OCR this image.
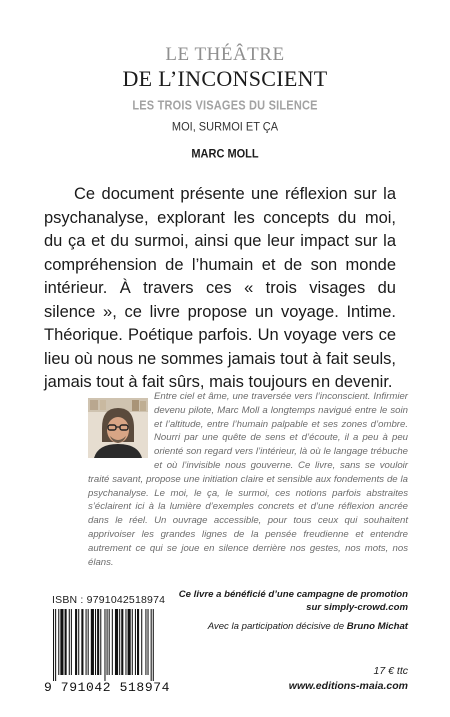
LE THÉÂTRE
DE L’INCONSCIENT
LES TROIS VISAGES DU SILENCE
MOI, SURMOI ET ÇA
MARC MOLL

Ce document présente une réflexion sur la psychanalyse, explorant les concepts du moi, du ça et du surmoi, ainsi que leur impact sur la compréhension de l’humain et de son monde intérieur. À travers ces « trois visages du silence », ce livre propose un voyage. Intime. Théorique. Poétique parfois. Un voyage vers ce lieu où nous ne sommes jamais tout à fait seuls, jamais tout à fait sûrs, mais toujours en devenir.

Entre ciel et âme, une traversée vers l’inconscient. Infirmier devenu pilote, Marc Moll a longtemps navigué entre le soin et l’altitude, entre l’humain palpable et ses zones d’ombre. Nourri par une quête de sens et d’écoute, il a peu à peu orienté son regard vers l’intérieur, là où le langage trébuche et où l’invisible nous gouverne. Ce livre, sans se vouloir traité savant, propose une initiation claire et sensible aux fondements de la psychanalyse. Le moi, le ça, le surmoi, ces notions parfois abstraites s’éclairent ici à la lumière d’exemples concrets et d’une réflexion ancrée dans le réel. Un ouvrage accessible, pour tous ceux qui souhaitent apprivoiser les grandes lignes de la pensée freudienne et entendre autrement ce qui se joue en silence derrière nos gestes, nos mots, nos élans.

ISBN : 9791042518974
9 791042 518974
Ce livre a bénéficié d’une campagne de promotion
sur simply-crowd.com
Avec la participation décisive de Bruno Michat
17 € ttc
www.editions-maia.com
